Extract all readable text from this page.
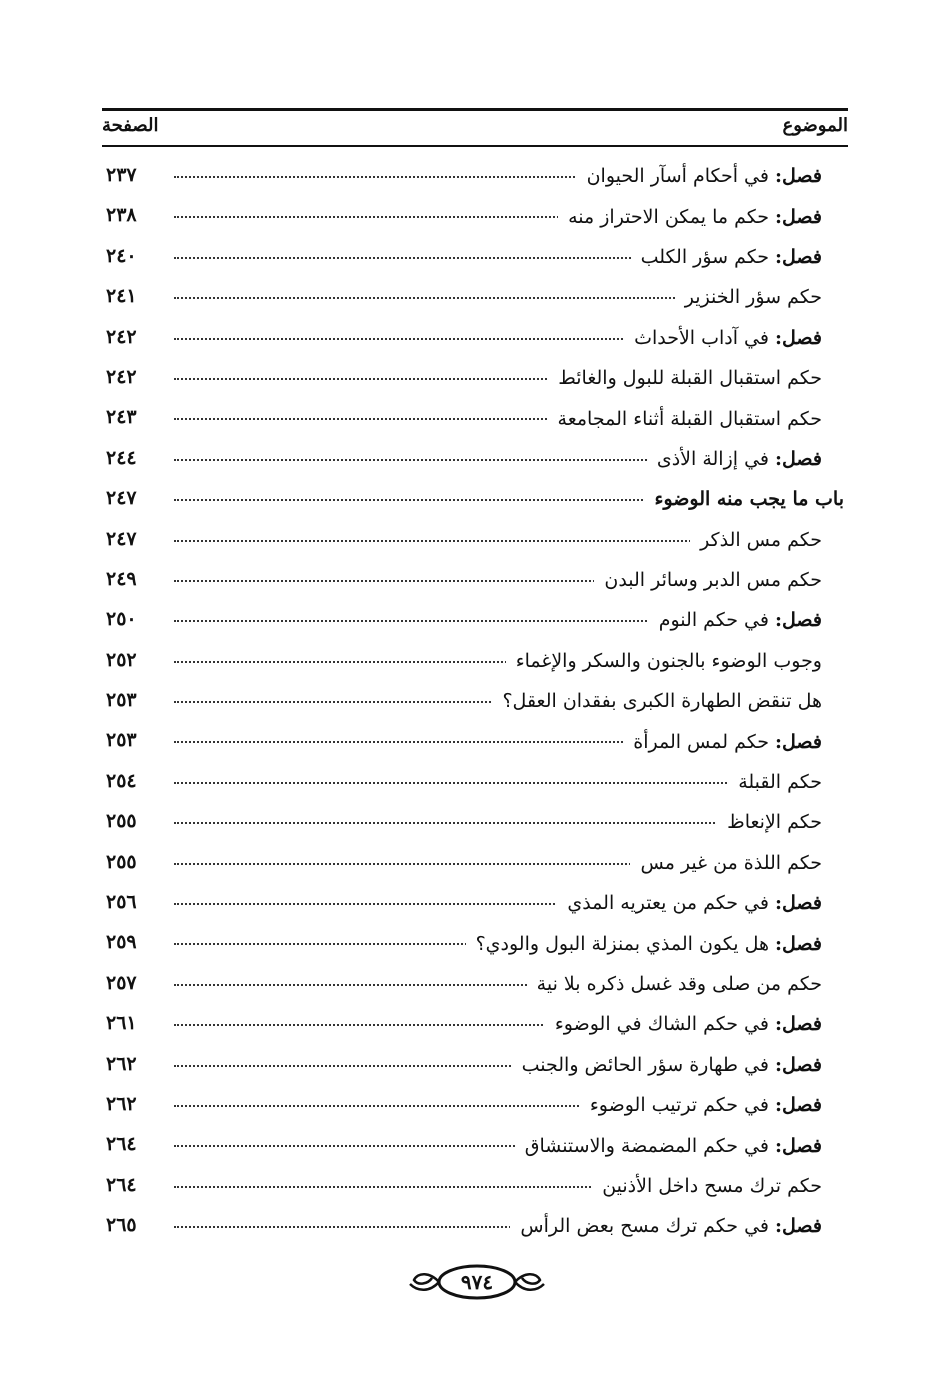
الموضوع
الصفحة
فصل: في أحكام أسآر الحيوان
٢٣٧
فصل: حكم ما يمكن الاحتراز منه
٢٣٨
فصل: حكم سؤر الكلب
٢٤٠
حكم سؤر الخنزير
٢٤١
فصل: في آداب الأحداث
٢٤٢
حكم استقبال القبلة للبول والغائط
٢٤٢
حكم استقبال القبلة أثناء المجامعة
٢٤٣
فصل: في إزالة الأذى
٢٤٤
باب ما يجب منه الوضوء
٢٤٧
حكم مس الذكر
٢٤٧
حكم مس الدبر وسائر البدن
٢٤٩
فصل: في حكم النوم
٢٥٠
وجوب الوضوء بالجنون والسكر والإغماء
٢٥٢
هل تنقض الطهارة الكبرى بفقدان العقل؟
٢٥٣
فصل: حكم لمس المرأة
٢٥٣
حكم القبلة
٢٥٤
حكم الإنعاظ
٢٥٥
حكم اللذة من غير مس
٢٥٥
فصل: في حكم من يعتريه المذي
٢٥٦
فصل: هل يكون المذي بمنزلة البول والودي؟
٢٥٩
حكم من صلى وقد غسل ذكره بلا نية
٢٥٧
فصل: في حكم الشاك في الوضوء
٢٦١
فصل: في طهارة سؤر الحائض والجنب
٢٦٢
فصل: في حكم ترتيب الوضوء
٢٦٢
فصل: في حكم المضمضة والاستنشاق
٢٦٤
حكم ترك مسح داخل الأذنين
٢٦٤
فصل: في حكم ترك مسح بعض الرأس
٢٦٥
٩٧٤
